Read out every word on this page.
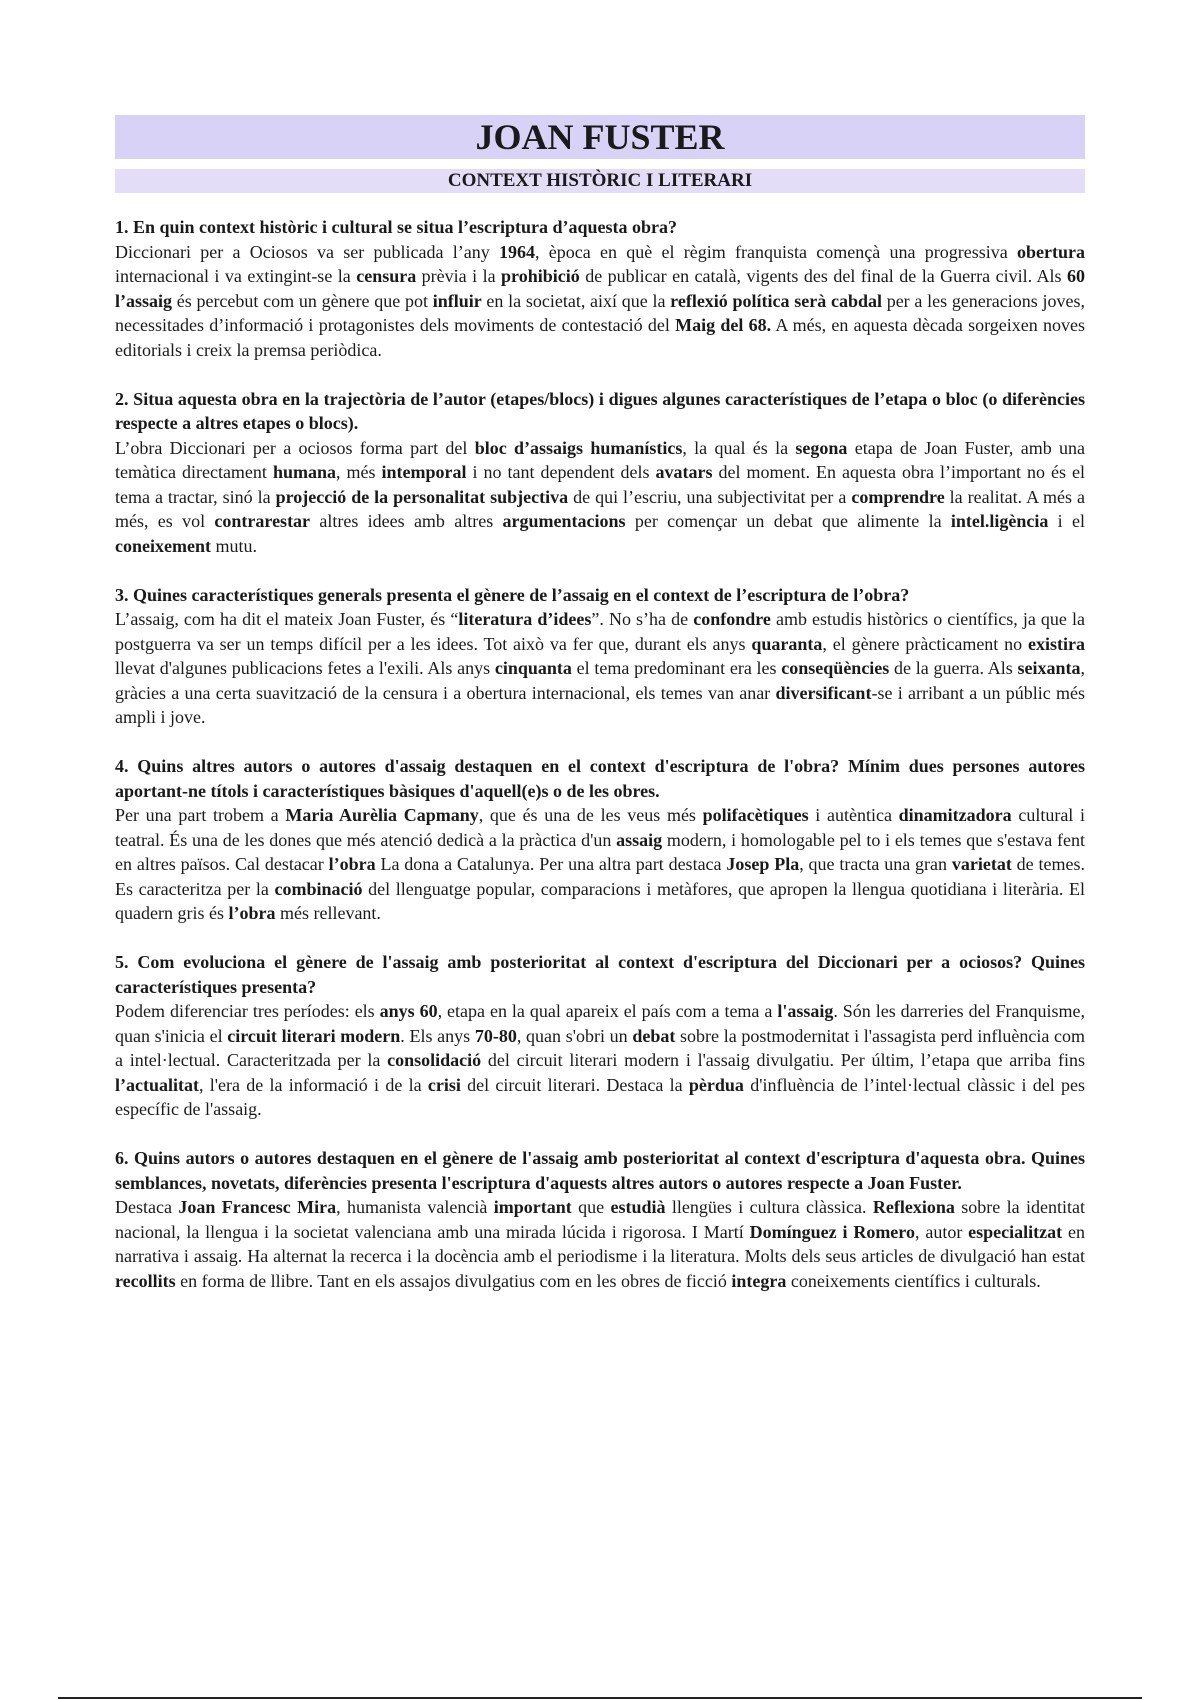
JOAN FUSTER
CONTEXT HISTÒRIC I LITERARI

1. En quin context històric i cultural se situa l’escriptura d’aquesta obra?

Diccionari per a Ociosos va ser publicada l’any 1964, època en què el règim franquista començà una progressiva obertura internacional i va extingint-se la censura prèvia i la prohibició de publicar en català, vigents des del final de la Guerra civil. Als 60 l’assaig és percebut com un gènere que pot influir en la societat, així que la reflexió política serà cabdal per a les generacions joves, necessitades d’informació i protagonistes dels moviments de contestació del Maig del 68. A més, en aquesta dècada sorgeixen noves editorials i creix la premsa periòdica.

2. Situa aquesta obra en la trajectòria de l’autor (etapes/blocs) i digues algunes característiques de l’etapa o bloc (o diferències respecte a altres etapes o blocs).

L’obra Diccionari per a ociosos forma part del bloc d’assaigs humanístics, la qual és la segona etapa de Joan Fuster, amb una temàtica directament humana, més intemporal i no tant dependent dels avatars del moment. En aquesta obra l’important no és el tema a tractar, sinó la projecció de la personalitat subjectiva de qui l’escriu, una subjectivitat per a comprendre la realitat. A més a més, es vol contrarestar altres idees amb altres argumentacions per començar un debat que alimente la intel.ligència i el coneixement mutu.

3. Quines característiques generals presenta el gènere de l’assaig en el context de l’escriptura de l’obra?

L’assaig, com ha dit el mateix Joan Fuster, és “literatura d’idees”. No s’ha de confondre amb estudis històrics o científics, ja que la postguerra va ser un temps difícil per a les idees. Tot això va fer que, durant els anys quaranta, el gènere pràcticament no existira llevat d'algunes publicacions fetes a l'exili. Als anys cinquanta el tema predominant era les conseqüències de la guerra. Als seixanta, gràcies a una certa suavització de la censura i a obertura internacional, els temes van anar diversificant-se i arribant a un públic més ampli i jove.

4. Quins altres autors o autores d'assaig destaquen en el context d'escriptura de l'obra? Mínim dues persones autores aportant-ne títols i característiques bàsiques d'aquell(e)s o de les obres.

Per una part trobem a Maria Aurèlia Capmany, que és una de les veus més polifacètiques i autèntica dinamitzadora cultural i teatral. És una de les dones que més atenció dedicà a la pràctica d'un assaig modern, i homologable pel to i els temes que s'estava fent en altres països. Cal destacar l’obra La dona a Catalunya. Per una altra part destaca Josep Pla, que tracta una gran varietat de temes. Es caracteritza per la combinació del llenguatge popular, comparacions i metàfores, que apropen la llengua quotidiana i literària. El quadern gris és l’obra més rellevant.

5. Com evoluciona el gènere de l'assaig amb posterioritat al context d'escriptura del Diccionari per a ociosos? Quines característiques presenta?

Podem diferenciar tres períodes: els anys 60, etapa en la qual apareix el país com a tema a l'assaig. Són les darreries del Franquisme, quan s'inicia el circuit literari modern. Els anys 70-80, quan s'obri un debat sobre la postmodernitat i l'assagista perd influència com a intel·lectual. Caracteritzada per la consolidació del circuit literari modern i l'assaig divulgatiu. Per últim, l’etapa que arriba fins l’actualitat, l'era de la informació i de la crisi del circuit literari. Destaca la pèrdua d'influència de l’intel·lectual clàssic i del pes específic de l'assaig.

6. Quins autors o autores destaquen en el gènere de l'assaig amb posterioritat al context d'escriptura d'aquesta obra. Quines semblances, novetats, diferències presenta l'escriptura d'aquests altres autors o autores respecte a Joan Fuster.

Destaca Joan Francesc Mira, humanista valencià important que estudià llengües i cultura clàssica. Reflexiona sobre la identitat nacional, la llengua i la societat valenciana amb una mirada lúcida i rigorosa. I Martí Domínguez i Romero, autor especialitzat en narrativa i assaig. Ha alternat la recerca i la docència amb el periodisme i la literatura. Molts dels seus articles de divulgació han estat recollits en forma de llibre. Tant en els assajos divulgatius com en les obres de ficció integra coneixements científics i culturals.
